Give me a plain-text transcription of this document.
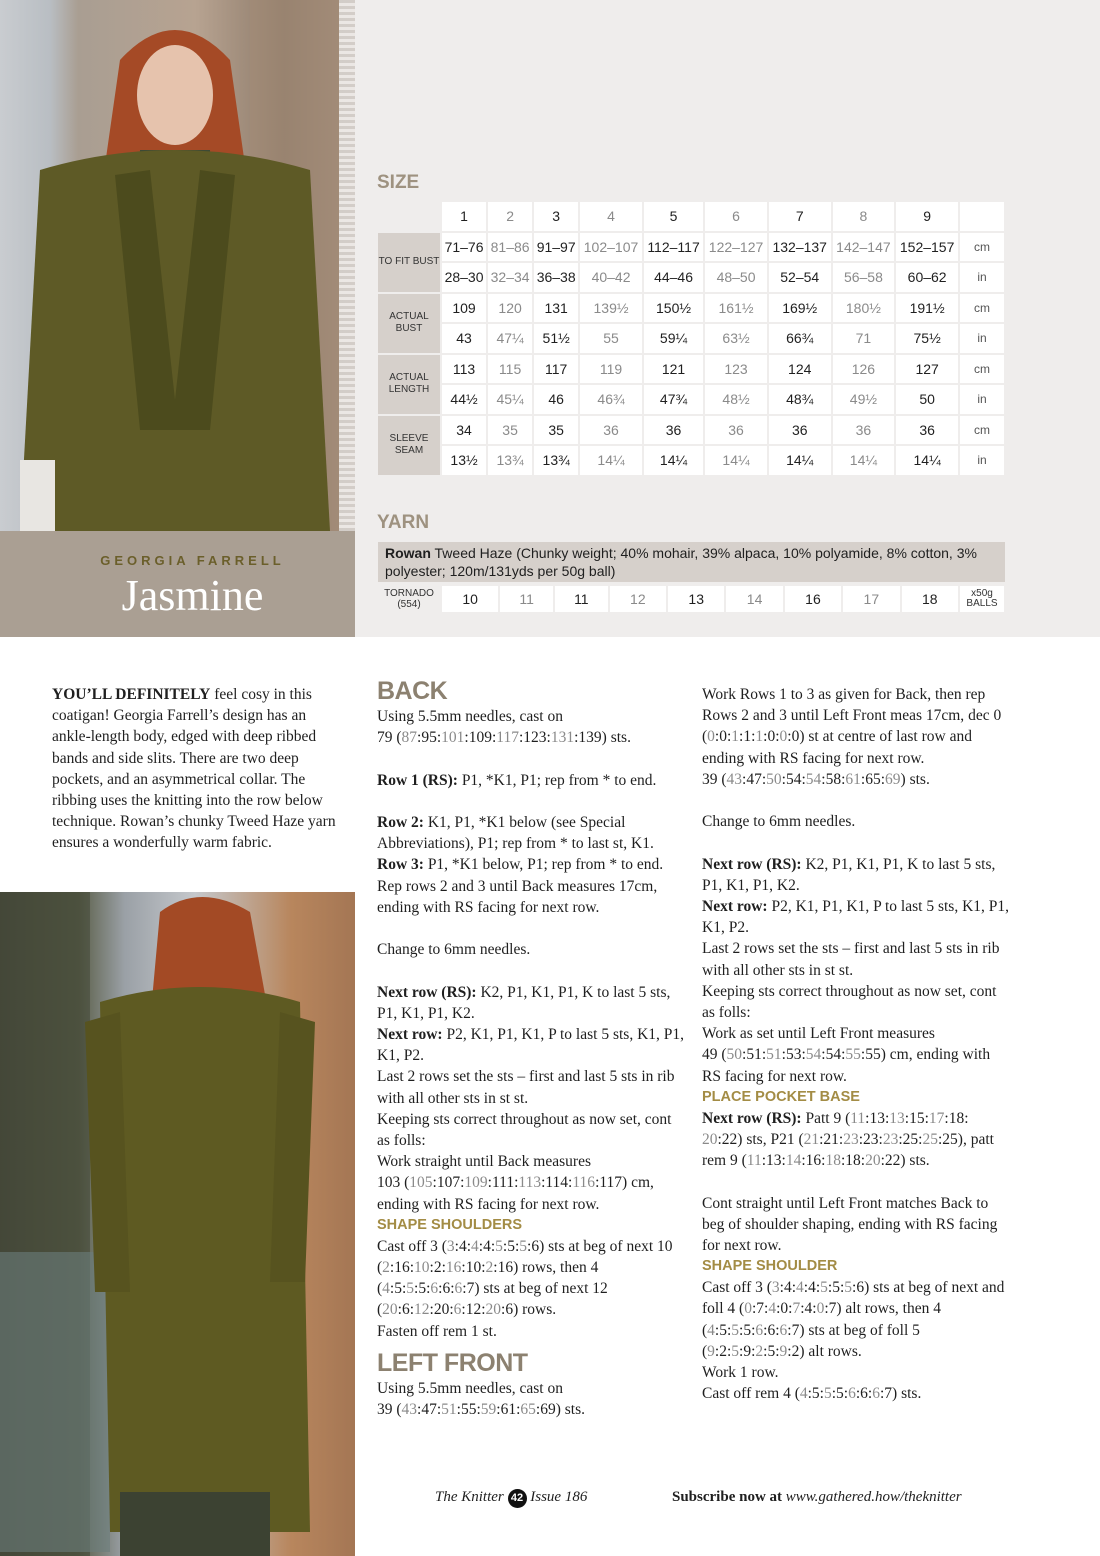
GEORGIA FARRELL
Jasmine
SIZE
	1	2	3	4	5	6	7	8	9	
TO FIT BUST	71–76	81–86	91–97	102–107	112–117	122–127	132–137	142–147	152–157	cm
	28–30	32–34	36–38	40–42	44–46	48–50	52–54	56–58	60–62	in
ACTUAL BUST	109	120	131	139½	150½	161½	169½	180½	191½	cm
	43	47¼	51½	55	59¼	63½	66¾	71	75½	in
ACTUAL LENGTH	113	115	117	119	121	123	124	126	127	cm
	44½	45¼	46	46¾	47¾	48½	48¾	49½	50	in
SLEEVE SEAM	34	35	35	36	36	36	36	36	36	cm
	13½	13¾	13¾	14¼	14¼	14¼	14¼	14¼	14¼	in
YARN
Rowan Tweed Haze (Chunky weight; 40% mohair, 39% alpaca, 10% polyamide, 8% cotton, 3% polyester; 120m/131yds per 50g ball)
TORNADO (554)	10	11	11	12	13	14	16	17	18	x50g BALLS
YOU’LL DEFINITELY feel cosy in this coatigan! Georgia Farrell’s design has an ankle-length body, edged with deep ribbed bands and side slits. There are two deep pockets, and an asymmetrical collar. The ribbing uses the knitting into the row below technique. Rowan’s chunky Tweed Haze yarn ensures a wonderfully warm fabric.

BACK

Using 5.5mm needles, cast on
79 (87:95:101:109:117:123:131:139) sts.

Row 1 (RS): P1, *K1, P1; rep from * to end.

Row 2: K1, P1, *K1 below (see Special Abbreviations), P1; rep from * to last st, K1.

Row 3: P1, *K1 below, P1; rep from * to end.

Rep rows 2 and 3 until Back measures 17cm, ending with RS facing for next row.

Change to 6mm needles.

Next row (RS): K2, P1, K1, P1, K to last 5 sts, P1, K1, P1, K2.

Next row: P2, K1, P1, K1, P to last 5 sts, K1, P1, K1, P2.

Last 2 rows set the sts – first and last 5 sts in rib with all other sts in st st.

Keeping sts correct throughout as now set, cont as folls:

Work straight until Back measures
103 (105:107:109:111:113:114:116:117) cm,
ending with RS facing for next row.

SHAPE SHOULDERS

Cast off 3 (3:4:4:4:5:5:5:6) sts at beg of next 10 (2:16:10:2:16:10:2:16) rows, then 4 (4:5:5:5:6:6:6:7) sts at beg of next 12 (20:6:12:20:6:12:20:6) rows.

Fasten off rem 1 st.

LEFT FRONT

Using 5.5mm needles, cast on
39 (43:47:51:55:59:61:65:69) sts.

Work Rows 1 to 3 as given for Back, then rep Rows 2 and 3 until Left Front meas 17cm, dec 0 (0:0:1:1:1:0:0:0) st at centre of last row and ending with RS facing for next row.
39 (43:47:50:54:54:58:61:65:69) sts.

Change to 6mm needles.

Next row (RS): K2, P1, K1, P1, K to last 5 sts, P1, K1, P1, K2.

Next row: P2, K1, P1, K1, P to last 5 sts, K1, P1, K1, P2.

Last 2 rows set the sts – first and last 5 sts in rib with all other sts in st st.

Keeping sts correct throughout as now set, cont as folls:

Work as set until Left Front measures
49 (50:51:51:53:54:54:55:55) cm, ending with RS facing for next row.

PLACE POCKET BASE

Next row (RS): Patt 9 (11:13:13:15:17:18:
20:22) sts, P21 (21:21:23:23:23:25:25:25), patt rem 9 (11:13:14:16:18:18:20:22) sts.

Cont straight until Left Front matches Back to beg of shoulder shaping, ending with RS facing for next row.

SHAPE SHOULDER

Cast off 3 (3:4:4:4:5:5:5:6) sts at beg of next and foll 4 (0:7:4:0:7:4:0:7) alt rows, then 4 (4:5:5:5:6:6:6:7) sts at beg of foll 5 (9:2:5:9:2:5:9:2) alt rows.

Work 1 row.

Cast off rem 4 (4:5:5:5:6:6:6:7) sts.

The Knitter 42 Issue 186	Subscribe now at www.gathered.how/theknitter
